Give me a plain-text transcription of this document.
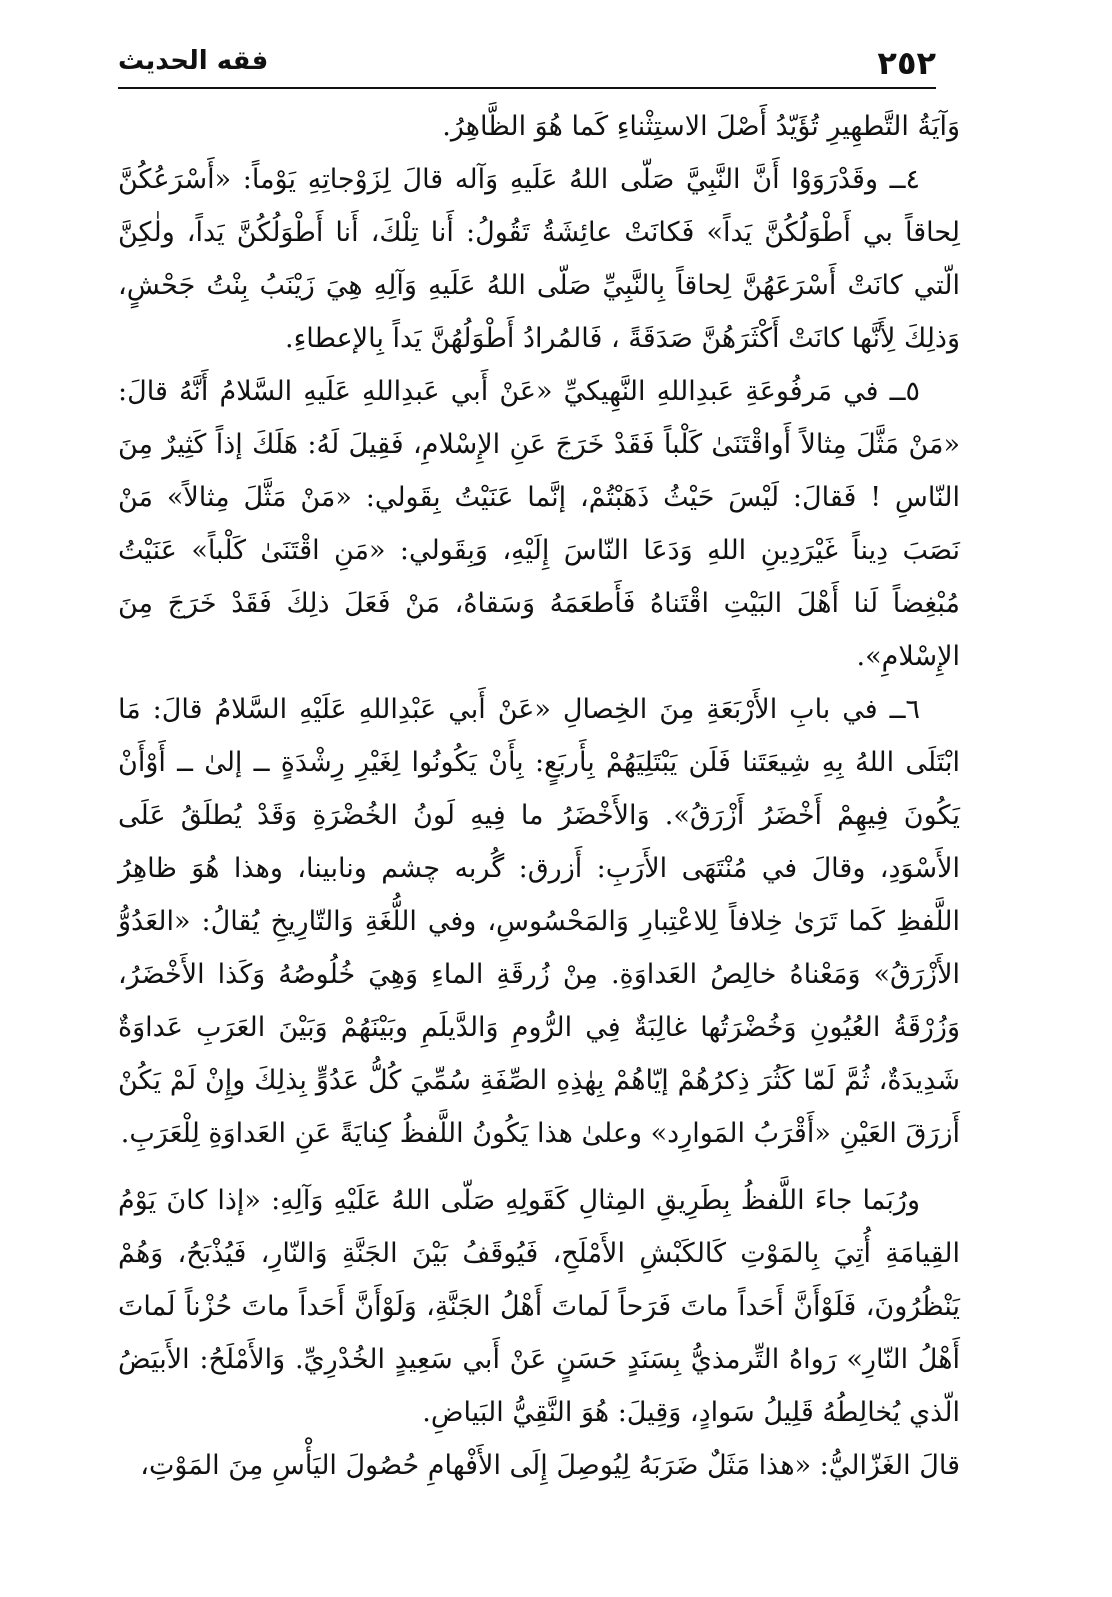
٢٥٢
فقه الحديث

وَآيَةُ التَّطهِيرِ تُؤَيّدُ أَصْلَ الاستِثْناءِ كَما هُوَ الظَّاهِرُ.

٤ــ وقَدْرَوَوْا أَنَّ النَّبِيَّ صَلّى اللهُ عَلَيهِ وَآله قالَ لِزَوْجاتِهِ يَوْماً: «أَسْرَعُكُنَّ لِحاقاً بي أَطْوَلُكُنَّ يَداً» فَكانَتْ عائِشَةُ تَقُولُ: أَنا تِلْكَ، أَنا أَطْوَلُكُنَّ يَداً، ولٰكِنَّ الّتي كانَتْ أَسْرَعَهُنَّ لِحاقاً بِالنَّبِيِّ صَلّى اللهُ عَلَيهِ وَآلِهِ هِيَ زَيْنَبُ بِنْتُ جَحْشٍ، وَذلِكَ لِأَنَّها كانَتْ أَكْثَرَهُنَّ صَدَقَةً ، فَالمُرادُ أَطْوَلُهُنَّ يَداً بِالإعطاءِ.

٥ــ في مَرفُوعَةِ عَبدِاللهِ النَّهِيكيِّ «عَنْ أَبي عَبدِاللهِ عَلَيهِ السَّلامُ أَنَّهُ قالَ: «مَنْ مَثَّلَ مِثالاً أَواقْتَنَىٰ كَلْباً فَقَدْ خَرَجَ عَنِ الإِسْلامِ، فَقِيلَ لَهُ: هَلَكَ إذاً كَثِيرٌ مِنَ النّاسِ ! فَقالَ: لَيْسَ حَيْثُ ذَهَبْتُمْ، إنَّما عَنَيْتُ بِقَولي: «مَنْ مَثَّلَ مِثالاً» مَنْ نَصَبَ دِيناً غَيْرَدِينِ اللهِ وَدَعَا النّاسَ إِلَيْهِ، وَبِقَولي: «مَنِ اقْتَنَىٰ كَلْباً» عَنَيْتُ مُبْغِضاً لَنا أَهْلَ البَيْتِ اقْتَناهُ فَأَطعَمَهُ وَسَقاهُ، مَنْ فَعَلَ ذلِكَ فَقَدْ خَرَجَ مِنَ الإِسْلامِ».

٦ــ في بابِ الأَرْبَعَةِ مِنَ الخِصالِ «عَنْ أَبي عَبْدِاللهِ عَلَيْهِ السَّلامُ قالَ: مَا ابْتَلَى اللهُ بِهِ شِيعَتَنا فَلَن يَبْتَلِيَهُمْ بِأَربَعٍ: بِأَنْ يَكُونُوا لِغَيْرِ رِشْدَةٍ ــ إلىٰ ــ أَوْأَنْ يَكُونَ فِيهِمْ أَخْضَرُ أَزْرَقُ». وَالأَخْضَرُ ما فِيهِ لَونُ الخُضْرَةِ وَقَدْ يُطلَقُ عَلَى الأَسْوَدِ، وقالَ في مُنْتَهَى الأَرَبِ: أَزرق: گُربه چشم ونابينا، وهذا هُوَ ظاهِرُ اللَّفظِ كَما تَرَىٰ خِلافاً لِلاعْتِبارِ وَالمَحْسُوسِ، وفي اللُّغَةِ وَالتّارِيخِ يُقالُ: «العَدُوُّ الأَزْرَقُ» وَمَعْناهُ خالِصُ العَداوَةِ. مِنْ زُرقَةِ الماءِ وَهِيَ خُلُوصُهُ وَكَذا الأَخْضَرُ، وَزُرْقَةُ العُيُونِ وَخُضْرَتُها غالِبَةٌ فِي الرُّومِ وَالدَّيلَمِ وبَيْنَهُمْ وَبَيْنَ العَرَبِ عَداوَةٌ شَدِيدَةٌ، ثُمَّ لَمّا كَثُرَ ذِكرُهُمْ إيّاهُمْ بِهٰذِهِ الصِّفَةِ سُمِّيَ كُلُّ عَدُوٍّ بِذلِكَ وإِنْ لَمْ يَكُنْ أَزرَقَ العَيْنِ «أَقْرَبُ المَوارِد» وعلىٰ هذا يَكُونُ اللَّفظُ كِنايَةً عَنِ العَداوَةِ لِلْعَرَبِ.

ورُبَما جاءَ اللَّفظُ بِطَرِيقِ المِثالِ كَقَولِهِ صَلّى اللهُ عَلَيْهِ وَآلِهِ: «إذا كانَ يَوْمُ القِيامَةِ أُتِيَ بِالمَوْتِ كَالكَبْشِ الأَمْلَحِ، فَيُوقَفُ بَيْنَ الجَنَّةِ وَالنّارِ، فَيُذْبَحُ، وَهُمْ يَنْظُرُونَ، فَلَوْأَنَّ أَحَداً ماتَ فَرَحاً لَماتَ أَهْلُ الجَنَّةِ، وَلَوْأَنَّ أَحَداً ماتَ حُزْناً لَماتَ أَهْلُ النّارِ» رَواهُ التِّرمذيُّ بِسَنَدٍ حَسَنٍ عَنْ أَبي سَعِيدٍ الخُدْرِيِّ. وَالأَمْلَحُ: الأَبيَضُ الّذي يُخالِطُهُ قَلِيلُ سَوادٍ، وَقِيلَ: هُوَ النَّقِيُّ البَياضِ.

قالَ الغَزّاليُّ: «هذا مَثَلٌ ضَرَبَهُ لِيُوصِلَ إِلَى الأَفْهامِ حُصُولَ اليَأْسِ مِنَ المَوْتِ،
